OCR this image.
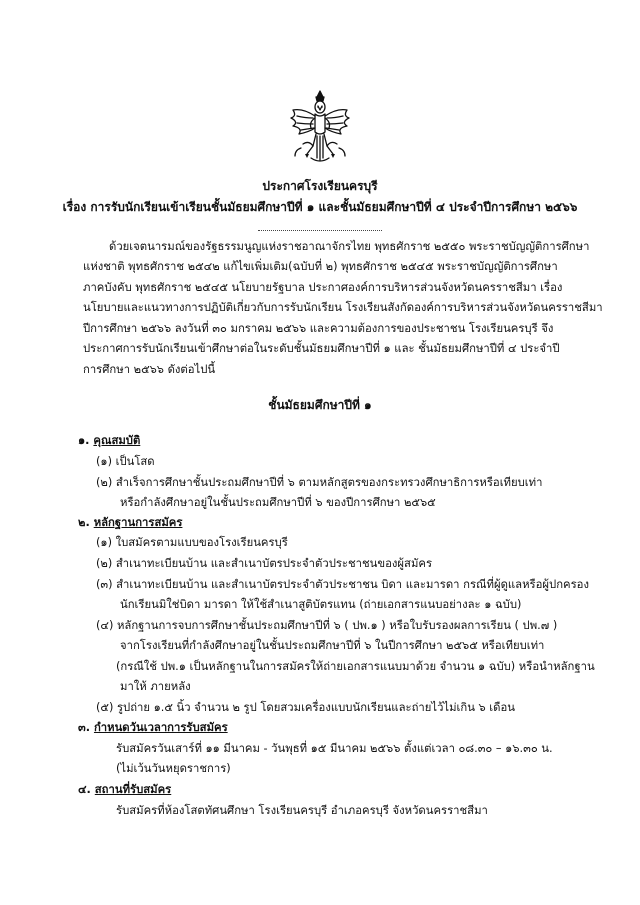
ประกาศโรงเรียนครบุรี
เรื่อง การรับนักเรียนเข้าเรียนชั้นมัธยมศึกษาปีที่ ๑ และชั้นมัธยมศึกษาปีที่ ๔ ประจำปีการศึกษา ๒๕๖๖
ด้วยเจตนารมณ์ของรัฐธรรมนูญแห่งราชอาณาจักรไทย พุทธศักราช ๒๕๕๐ พระราชบัญญัติการศึกษา
แห่งชาติ พุทธศักราช ๒๕๔๒ แก้ไขเพิ่มเติม(ฉบับที่ ๒) พุทธศักราช ๒๕๔๕ พระราชบัญญัติการศึกษา
ภาคบังคับ พุทธศักราช ๒๕๔๕ นโยบายรัฐบาล ประกาศองค์การบริหารส่วนจังหวัดนครราชสีมา เรื่อง
นโยบายและแนวทางการปฏิบัติเกี่ยวกับการรับนักเรียน โรงเรียนสังกัดองค์การบริหารส่วนจังหวัดนครราชสีมา
ปีการศึกษา ๒๕๖๖ ลงวันที่ ๓๐ มกราคม ๒๕๖๖ และความต้องการของประชาชน โรงเรียนครบุรี จึง
ประกาศการรับนักเรียนเข้าศึกษาต่อในระดับชั้นมัธยมศึกษาปีที่ ๑ และ ชั้นมัธยมศึกษาปีที่ ๔ ประจำปี
การศึกษา ๒๕๖๖ ดังต่อไปนี้
ชั้นมัธยมศึกษาปีที่ ๑
๑. คุณสมบัติ
(๑) เป็นโสด
(๒) สำเร็จการศึกษาชั้นประถมศึกษาปีที่ ๖ ตามหลักสูตรของกระทรวงศึกษาธิการหรือเทียบเท่า
หรือกำลังศึกษาอยู่ในชั้นประถมศึกษาปีที่ ๖ ของปีการศึกษา ๒๕๖๕
๒. หลักฐานการสมัคร
(๑) ใบสมัครตามแบบของโรงเรียนครบุรี
(๒) สำเนาทะเบียนบ้าน และสำเนาบัตรประจำตัวประชาชนของผู้สมัคร
(๓) สำเนาทะเบียนบ้าน และสำเนาบัตรประจำตัวประชาชน บิดา และมารดา กรณีที่ผู้ดูแลหรือผู้ปกครอง
นักเรียนมิใช่บิดา มารดา ให้ใช้สำเนาสูติบัตรแทน (ถ่ายเอกสารแนบอย่างละ ๑ ฉบับ)
(๔) หลักฐานการจบการศึกษาชั้นประถมศึกษาปีที่ ๖ ( ปพ.๑ ) หรือใบรับรองผลการเรียน ( ปพ.๗ )
จากโรงเรียนที่กำลังศึกษาอยู่ในชั้นประถมศึกษาปีที่ ๖ ในปีการศึกษา ๒๕๖๕ หรือเทียบเท่า
(กรณีใช้ ปพ.๑ เป็นหลักฐานในการสมัครให้ถ่ายเอกสารแนบมาด้วย จำนวน ๑ ฉบับ) หรือนำหลักฐาน
มาให้ ภายหลัง
(๕) รูปถ่าย ๑.๕ นิ้ว จำนวน ๒ รูป โดยสวมเครื่องแบบนักเรียนและถ่ายไว้ไม่เกิน ๖ เดือน
๓. กำหนดวันเวลาการรับสมัคร
รับสมัครวันเสาร์ที่ ๑๑ มีนาคม - วันพุธที่ ๑๕ มีนาคม ๒๕๖๖ ตั้งแต่เวลา ๐๘.๓๐ – ๑๖.๓๐ น.
(ไม่เว้นวันหยุดราชการ)
๔. สถานที่รับสมัคร
รับสมัครที่ห้องโสตทัศนศึกษา โรงเรียนครบุรี อำเภอครบุรี จังหวัดนครราชสีมา
